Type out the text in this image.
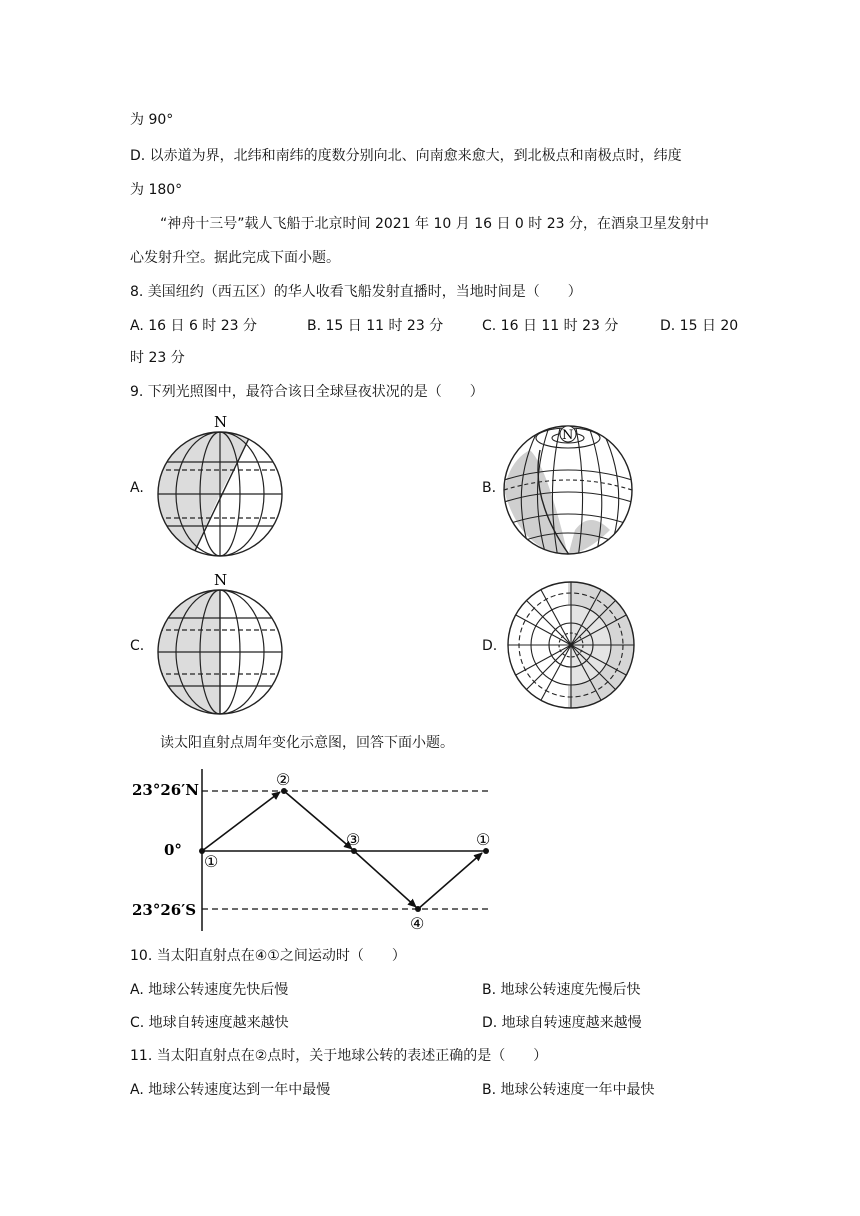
为 90°
D. 以赤道为界，北纬和南纬的度数分别向北、向南愈来愈大，到北极点和南极点时，纬度
为 180°
“神舟十三号”载人飞船于北京时间 2021 年 10 月 16 日 0 时 23 分，在酒泉卫星发射中
心发射升空。据此完成下面小题。
8. 美国纽约（西五区）的华人收看飞船发射直播时，当地时间是（　　）
A. 16 日 6 时 23 分	B. 15 日 11 时 23 分	C. 16 日 11 时 23 分	D. 15 日 20
时 23 分
9. 下列光照图中，最符合该日全球昼夜状况的是（　　）
A.	B.
C.	D.
N
N
N
读太阳直射点周年变化示意图，回答下面小题。
23°26′N
0°
23°26′S
①
②
③
④
①
10. 当太阳直射点在④①之间运动时（　　）
A. 地球公转速度先快后慢	B. 地球公转速度先慢后快
C. 地球自转速度越来越快	D. 地球自转速度越来越慢
11. 当太阳直射点在②点时，关于地球公转的表述正确的是（　　）
A. 地球公转速度达到一年中最慢	B. 地球公转速度一年中最快
